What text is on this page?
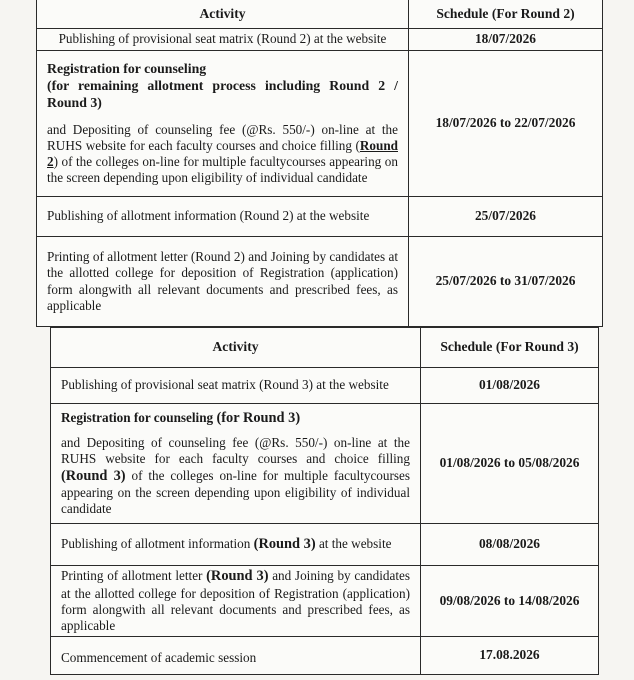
Activity	Schedule (For Round 2)
Publishing of provisional seat matrix (Round 2) at the website	18/07/2026

Registration for counseling
(for remaining allotment process including Round 2 / Round 3)

and Depositing of counseling fee (@Rs. 550/-) on-line at the RUHS website for each faculty courses and choice filling (Round 2) of the colleges on-line for multiple facultycourses appearing on the screen depending upon eligibility of individual candidate	18/07/2026 to 22/07/2026
Publishing of allotment information (Round 2) at the website	25/07/2026
Printing of allotment letter (Round 2) and Joining by candidates at the allotted college for deposition of Registration (application) form alongwith all relevant documents and prescribed fees, as applicable	25/07/2026 to 31/07/2026
Activity	Schedule (For Round 3)
Publishing of provisional seat matrix (Round 3) at the website	01/08/2026

Registration for counseling (for Round 3)

and Depositing of counseling fee (@Rs. 550/-) on-line at the RUHS website for each faculty courses and choice filling (Round 3) of the colleges on-line for multiple facultycourses appearing on the screen depending upon eligibility of individual candidate	01/08/2026 to 05/08/2026
Publishing of allotment information (Round 3) at the website	08/08/2026
Printing of allotment letter (Round 3) and Joining by candidates at the allotted college for deposition of Registration (application) form alongwith all relevant documents and prescribed fees, as applicable	09/08/2026 to 14/08/2026
Commencement of academic session	17.08.2026
